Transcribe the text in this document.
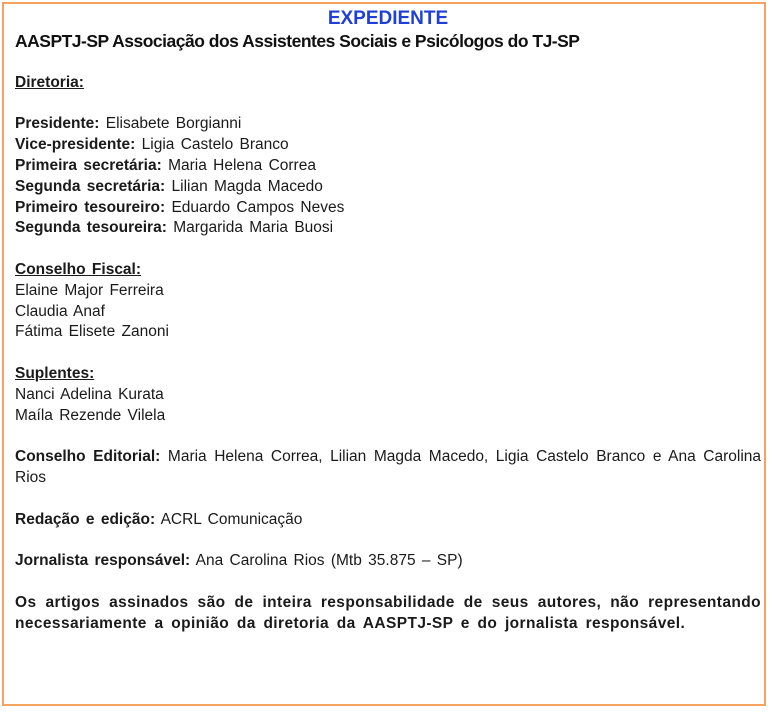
EXPEDIENTE
AASPTJ-SP Associação dos Assistentes Sociais e Psicólogos do TJ-SP
Diretoria:

Presidente: Elisabete Borgianni

Vice-presidente: Ligia Castelo Branco

Primeira secretária: Maria Helena Correa

Segunda secretária: Lilian Magda Macedo

Primeiro tesoureiro: Eduardo Campos Neves

Segunda tesoureira: Margarida Maria Buosi

Conselho Fiscal:

Elaine Major Ferreira

Claudia Anaf

Fátima Elisete Zanoni

Suplentes:

Nanci Adelina Kurata

Maíla Rezende Vilela

Conselho Editorial: Maria Helena Correa, Lilian Magda Macedo, Ligia Castelo Branco e Ana Carolina Rios

Redação e edição: ACRL Comunicação

Jornalista responsável: Ana Carolina Rios (Mtb 35.875 – SP)

Os artigos assinados são de inteira responsabilidade de seus autores, não representando necessariamente a opinião da diretoria da AASPTJ-SP e do jornalista responsável.
